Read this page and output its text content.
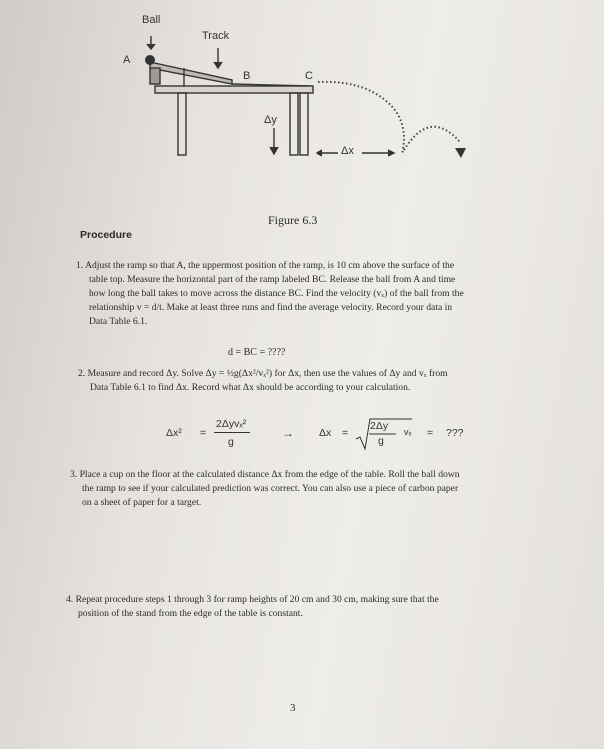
Ball
Track
A
B	C
Δy
Δx
Figure 6.3
Procedure
1. Adjust the ramp so that A, the uppermost position of the ramp, is 10 cm above the surface of the
table top. Measure the horizontal part of the ramp labeled BC. Release the ball from A and time
how long the ball takes to move across the distance BC. Find the velocity (vₓ) of the ball from the
relationship v = d/t. Make at least three runs and find the average velocity. Record your data in
Data Table 6.1.
d = BC = ????
2. Measure and record Δy. Solve Δy = ½g(Δx²/vₓ²) for Δx, then use the values of Δy and vₓ from
Data Table 6.1 to find Δx. Record what Δx should be according to your calculation.
Δx² =
2Δyvₓ²
g
→ Δx =
2Δy
g
vₓ = ???
3. Place a cup on the floor at the calculated distance Δx from the edge of the table. Roll the ball down
the ramp to see if your calculated prediction was correct. You can also use a piece of carbon paper
on a sheet of paper for a target.
4. Repeat procedure steps 1 through 3 for ramp heights of 20 cm and 30 cm, making sure that the
position of the stand from the edge of the table is constant.
3
